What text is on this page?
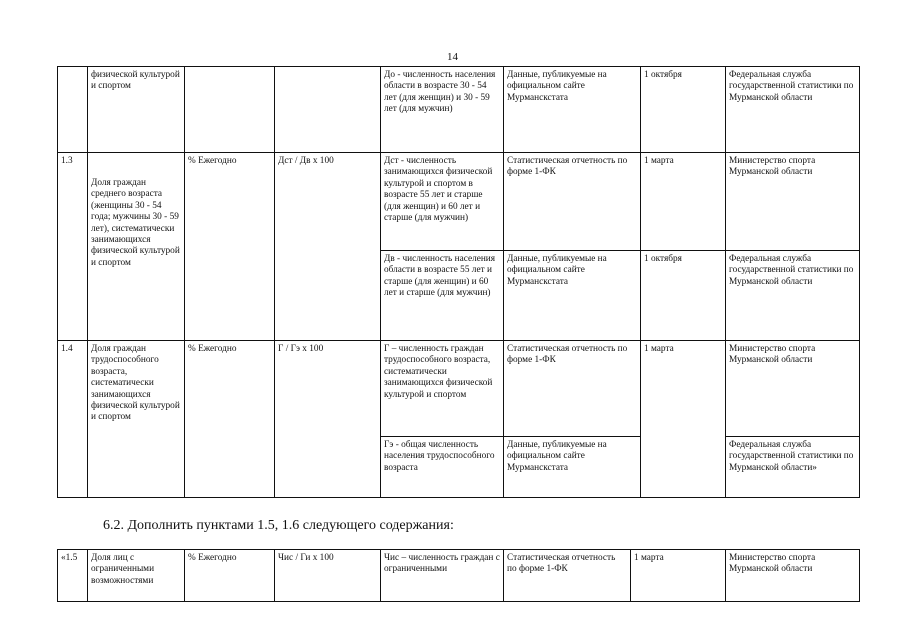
14
	физической культурой и спортом			До - численность населения области в возрасте 30 - 54 лет (для женщин) и 30 - 59 лет (для мужчин)	Данные, публикуемые на официальном сайте Мурманскстата	1 октября	Федеральная служба государственной статистики по Мурманской области
1.3	Доля граждан среднего возраста (женщины 30 - 54 года; мужчины 30 - 59 лет), систематически занимающихся физической культурой и спортом	% Ежегодно	Дст / Дв x 100	Дст - численность занимающихся физической культурой и спортом в возрасте 55 лет и старше (для женщин) и 60 лет и старше (для мужчин)	Статистическая отчетность по форме 1-ФК	1 марта	Министерство спорта Мурманской области
				Дв - численность населения области в возрасте 55 лет и старше (для женщин) и 60 лет и старше (для мужчин)	Данные, публикуемые на официальном сайте Мурманскстата	1 октября	Федеральная служба государственной статистики по Мурманской области
1.4	Доля граждан трудоспособного возраста, систематически занимающихся физической культурой и спортом	% Ежегодно	Г / Гэ x 100	Г – численность граждан трудоспособного возраста, систематически занимающихся физической культурой и спортом	Статистическая отчетность по форме 1-ФК	1 марта	Министерство спорта Мурманской области
				Гэ - общая численность населения трудоспособного возраста	Данные, публикуемые на официальном сайте Мурманскстата		Федеральная служба государственной статистики по Мурманской области»
6.2. Дополнить пунктами 1.5, 1.6 следующего содержания:
«1.5	Доля лиц с ограниченными возможностями	% Ежегодно	Чис / Ги x 100	Чис – численность граждан с ограниченными	Статистическая отчетность по форме 1-ФК	1 марта	Министерство спорта Мурманской области
